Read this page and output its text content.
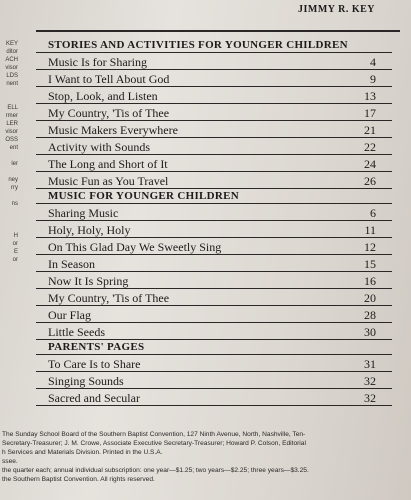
JIMMY R. KEY
KEY
ditor
ACH
visor
LDS
nent

ELL
rmer
LER
visor
OSS
ent

ler

ney
rry

ns

H
or
E
or

STORIES AND ACTIVITIES FOR YOUNGER CHILDREN
Music Is for Sharing	4
I Want to Tell About God	9
Stop, Look, and Listen	13
My Country, 'Tis of Thee	17
Music Makers Everywhere	21
Activity with Sounds	22
The Long and Short of It	24
Music Fun as You Travel	26
MUSIC FOR YOUNGER CHILDREN
Sharing Music	6
Holy, Holy, Holy	11
On This Glad Day We Sweetly Sing	12
In Season	15
Now It Is Spring	16
My Country, 'Tis of Thee	20
Our Flag	28
Little Seeds	30
PARENTS' PAGES
To Care Is to Share	31
Singing Sounds	32
Sacred and Secular	32
The Sunday School Board of the Southern Baptist Convention, 127 Ninth Avenue, North, Nashville, Ten-
Secretary-Treasurer; J. M. Crowe, Associate Executive Secretary-Treasurer; Howard P. Colson, Editorial
h Services and Materials Division. Printed in the U.S.A.
ssee.
the quarter each; annual individual subscription: one year—$1.25; two years—$2.25; three years—$3.25.
the Southern Baptist Convention. All rights reserved.
